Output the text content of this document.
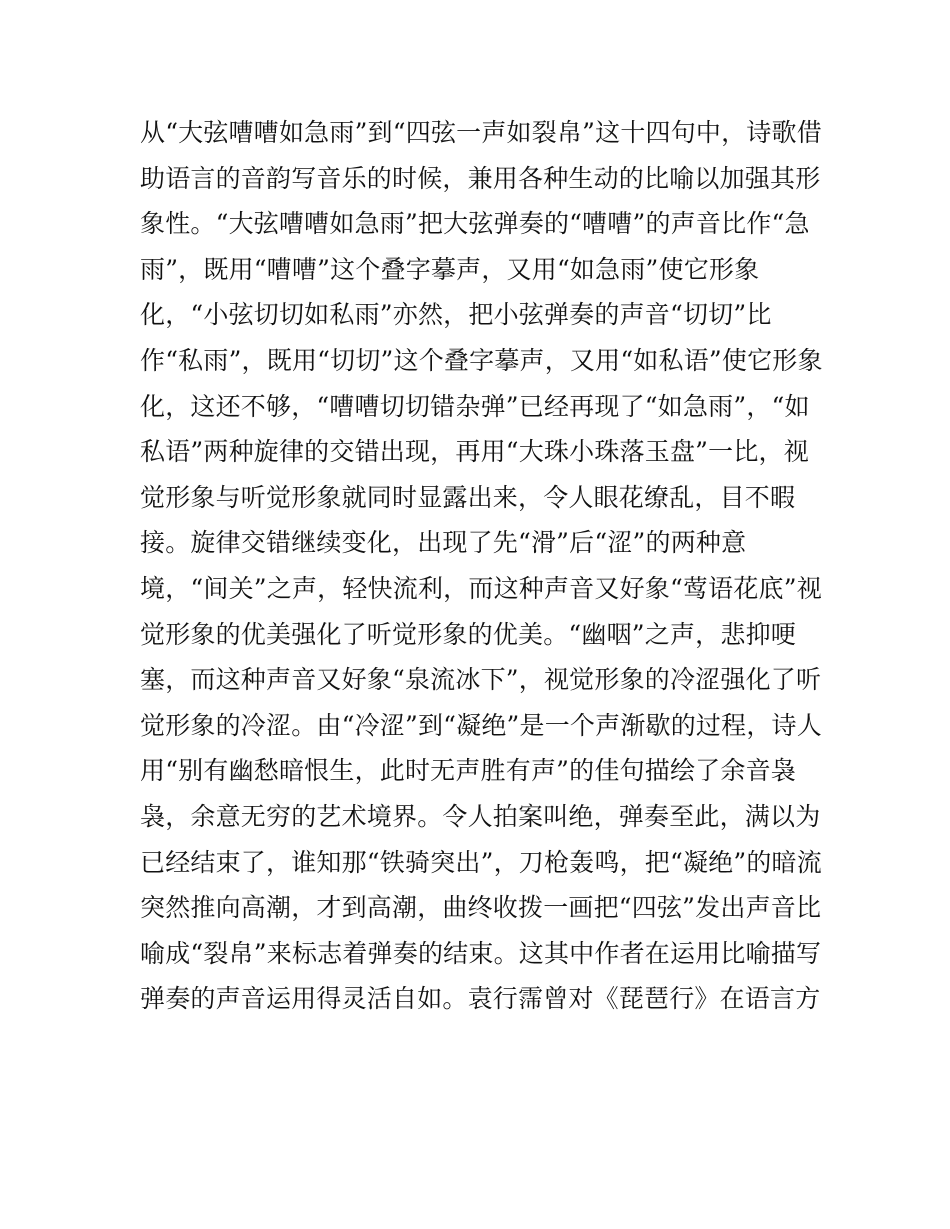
从“大弦嘈嘈如急雨”到“四弦一声如裂帛”这十四句中，诗歌借
助语言的音韵写音乐的时候，兼用各种生动的比喻以加强其形
象性。“大弦嘈嘈如急雨”把大弦弹奏的“嘈嘈”的声音比作“急
雨”，既用“嘈嘈”这个叠字摹声，又用“如急雨”使它形象
化，“小弦切切如私雨”亦然，把小弦弹奏的声音“切切”比
作“私雨”，既用“切切”这个叠字摹声，又用“如私语”使它形象
化，这还不够，“嘈嘈切切错杂弹”已经再现了“如急雨”，“如
私语”两种旋律的交错出现，再用“大珠小珠落玉盘”一比，视
觉形象与听觉形象就同时显露出来，令人眼花缭乱，目不暇
接。旋律交错继续变化，出现了先“滑”后“涩”的两种意
境，“间关”之声，轻快流利，而这种声音又好象“莺语花底”视
觉形象的优美强化了听觉形象的优美。“幽咽”之声，悲抑哽
塞，而这种声音又好象“泉流冰下”，视觉形象的冷涩强化了听
觉形象的冷涩。由“冷涩”到“凝绝”是一个声渐歇的过程，诗人
用“别有幽愁暗恨生，此时无声胜有声”的佳句描绘了余音袅
袅，余意无穷的艺术境界。令人拍案叫绝，弹奏至此，满以为
已经结束了，谁知那“铁骑突出”，刀枪轰鸣，把“凝绝”的暗流
突然推向高潮，才到高潮，曲终收拨一画把“四弦”发出声音比
喻成“裂帛”来标志着弹奏的结束。这其中作者在运用比喻描写
弹奏的声音运用得灵活自如。袁行霈曾对《琵琶行》在语言方
